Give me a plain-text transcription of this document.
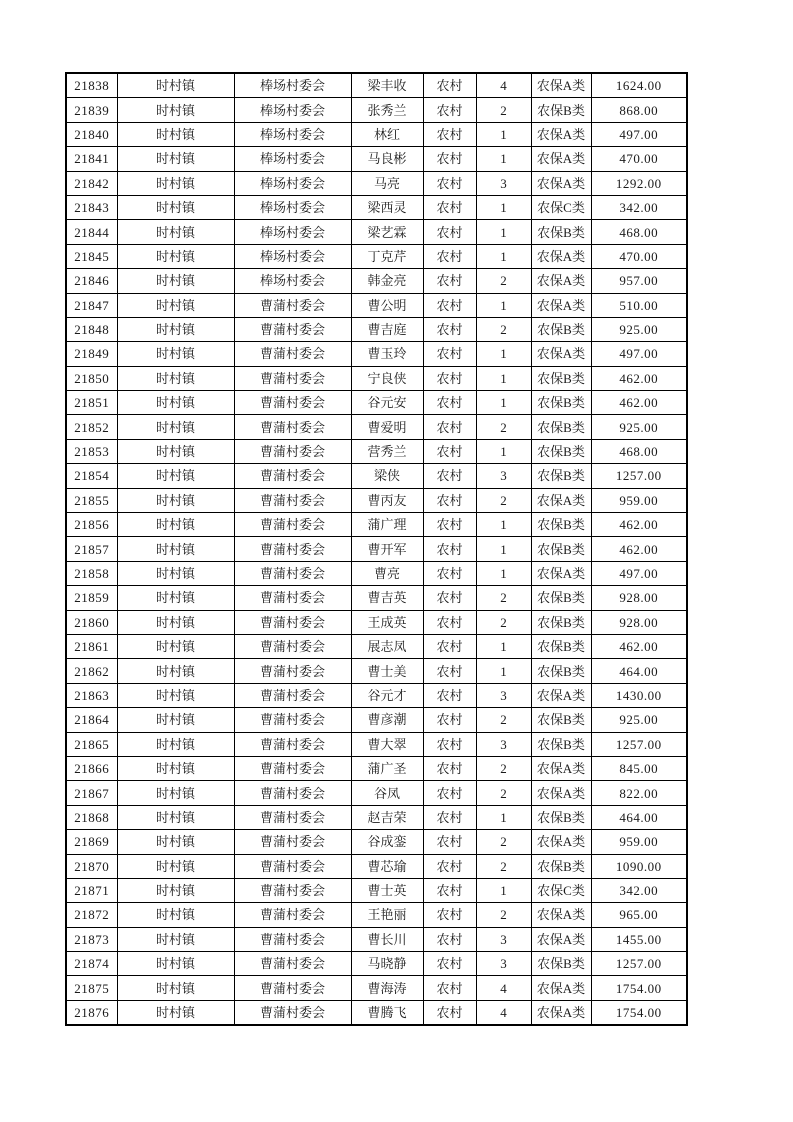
21838	时村镇	棒场村委会	梁丰收	农村	4	农保A类	1624.00
21839	时村镇	棒场村委会	张秀兰	农村	2	农保B类	868.00
21840	时村镇	棒场村委会	林红	农村	1	农保A类	497.00
21841	时村镇	棒场村委会	马良彬	农村	1	农保A类	470.00
21842	时村镇	棒场村委会	马亮	农村	3	农保A类	1292.00
21843	时村镇	棒场村委会	梁西灵	农村	1	农保C类	342.00
21844	时村镇	棒场村委会	梁艺霖	农村	1	农保B类	468.00
21845	时村镇	棒场村委会	丁克芹	农村	1	农保A类	470.00
21846	时村镇	棒场村委会	韩金亮	农村	2	农保A类	957.00
21847	时村镇	曹蒲村委会	曹公明	农村	1	农保A类	510.00
21848	时村镇	曹蒲村委会	曹吉庭	农村	2	农保B类	925.00
21849	时村镇	曹蒲村委会	曹玉玲	农村	1	农保A类	497.00
21850	时村镇	曹蒲村委会	宁良侠	农村	1	农保B类	462.00
21851	时村镇	曹蒲村委会	谷元安	农村	1	农保B类	462.00
21852	时村镇	曹蒲村委会	曹爱明	农村	2	农保B类	925.00
21853	时村镇	曹蒲村委会	营秀兰	农村	1	农保B类	468.00
21854	时村镇	曹蒲村委会	梁侠	农村	3	农保B类	1257.00
21855	时村镇	曹蒲村委会	曹丙友	农村	2	农保A类	959.00
21856	时村镇	曹蒲村委会	蒲广理	农村	1	农保B类	462.00
21857	时村镇	曹蒲村委会	曹开军	农村	1	农保B类	462.00
21858	时村镇	曹蒲村委会	曹亮	农村	1	农保A类	497.00
21859	时村镇	曹蒲村委会	曹吉英	农村	2	农保B类	928.00
21860	时村镇	曹蒲村委会	王成英	农村	2	农保B类	928.00
21861	时村镇	曹蒲村委会	展志凤	农村	1	农保B类	462.00
21862	时村镇	曹蒲村委会	曹士美	农村	1	农保B类	464.00
21863	时村镇	曹蒲村委会	谷元才	农村	3	农保A类	1430.00
21864	时村镇	曹蒲村委会	曹彦潮	农村	2	农保B类	925.00
21865	时村镇	曹蒲村委会	曹大翠	农村	3	农保B类	1257.00
21866	时村镇	曹蒲村委会	蒲广圣	农村	2	农保A类	845.00
21867	时村镇	曹蒲村委会	谷凤	农村	2	农保A类	822.00
21868	时村镇	曹蒲村委会	赵吉荣	农村	1	农保B类	464.00
21869	时村镇	曹蒲村委会	谷成銮	农村	2	农保A类	959.00
21870	时村镇	曹蒲村委会	曹芯瑜	农村	2	农保B类	1090.00
21871	时村镇	曹蒲村委会	曹士英	农村	1	农保C类	342.00
21872	时村镇	曹蒲村委会	王艳丽	农村	2	农保A类	965.00
21873	时村镇	曹蒲村委会	曹长川	农村	3	农保A类	1455.00
21874	时村镇	曹蒲村委会	马晓静	农村	3	农保B类	1257.00
21875	时村镇	曹蒲村委会	曹海涛	农村	4	农保A类	1754.00
21876	时村镇	曹蒲村委会	曹腾飞	农村	4	农保A类	1754.00
